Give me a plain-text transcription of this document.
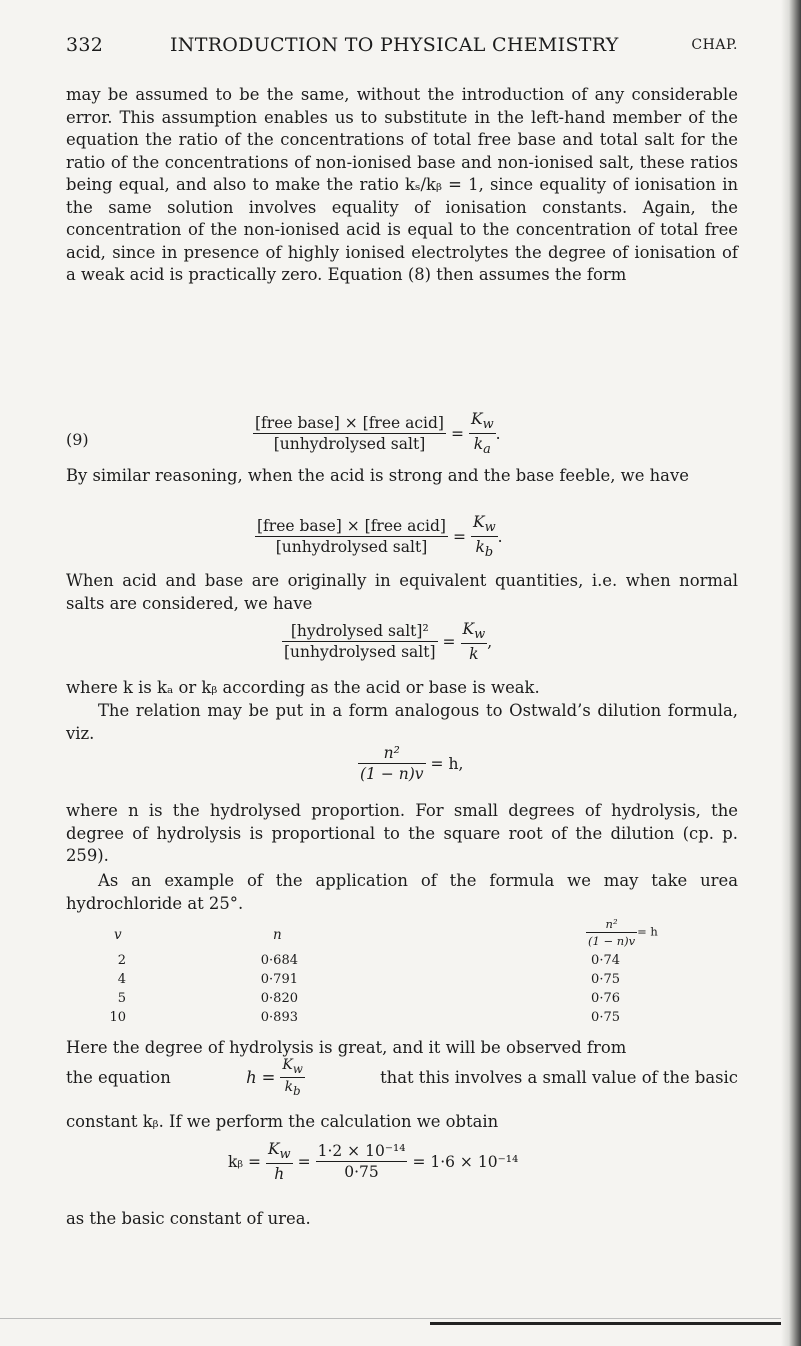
332	INTRODUCTION TO PHYSICAL CHEMISTRY	CHAP.

may be assumed to be the same, without the introduction of any considerable error. This assumption enables us to substitute in the left-hand member of the equation the ratio of the concentrations of total free base and total salt for the ratio of the concentrations of non-ionised base and non-ionised salt, these ratios being equal, and also to make the ratio kₛ/kᵦ = 1, since equality of ionisation in the same solution involves equality of ionisation constants. Again, the concentration of the non-ionised acid is equal to the concentration of total free acid, since in presence of highly ionised electrolytes the degree of ionisation of a weak acid is practically zero. Equation (8) then assumes the form

(9)	$\frac{\text{[free base] × [free acid]}}{\text{[unhydrolysed salt]}} = \frac{K_w}{k_a}$ .

By similar reasoning, when the acid is strong and the base feeble, we have

$\frac{\text{[free base] × [free acid]}}{\text{[unhydrolysed salt]}} = \frac{K_w}{k_b}$ .

When acid and base are originally in equivalent quantities, i.e. when normal salts are considered, we have

$\frac{\text{[hydrolysed salt]²}}{\text{[unhydrolysed salt]}} = \frac{K_w}{k}$ ,

where k is kₐ or kᵦ according as the acid or base is weak.

The relation may be put in a form analogous to Ostwald’s dilution formula, viz.

$\frac{\text{n²}}{(1 - n)v} = h$,

where n is the hydrolysed proportion. For small degrees of hydrolysis, the degree of hydrolysis is proportional to the square root of the dilution (cp. p. 259).

As an example of the application of the formula we may take urea hydrochloride at 25°.

v	n	$\frac{\text{n²}}{(1 - n)v} = h$
2	0·684	0·74
4	0·791	0·75
5	0·820	0·76
10	0·893	0·75

Here the degree of hydrolysis is great, and it will be observed from

the equation	$h = \frac{K_w}{k_b}$	that this involves a small value of the basic

constant kᵦ. If we perform the calculation we obtain

kᵦ = $\frac{K_w}{h} = \frac{\text{1·2 × 10⁻¹⁴}}{0\cdot 75} = 1\cdot 6 \times 10^{-14}$

as the basic constant of urea.
